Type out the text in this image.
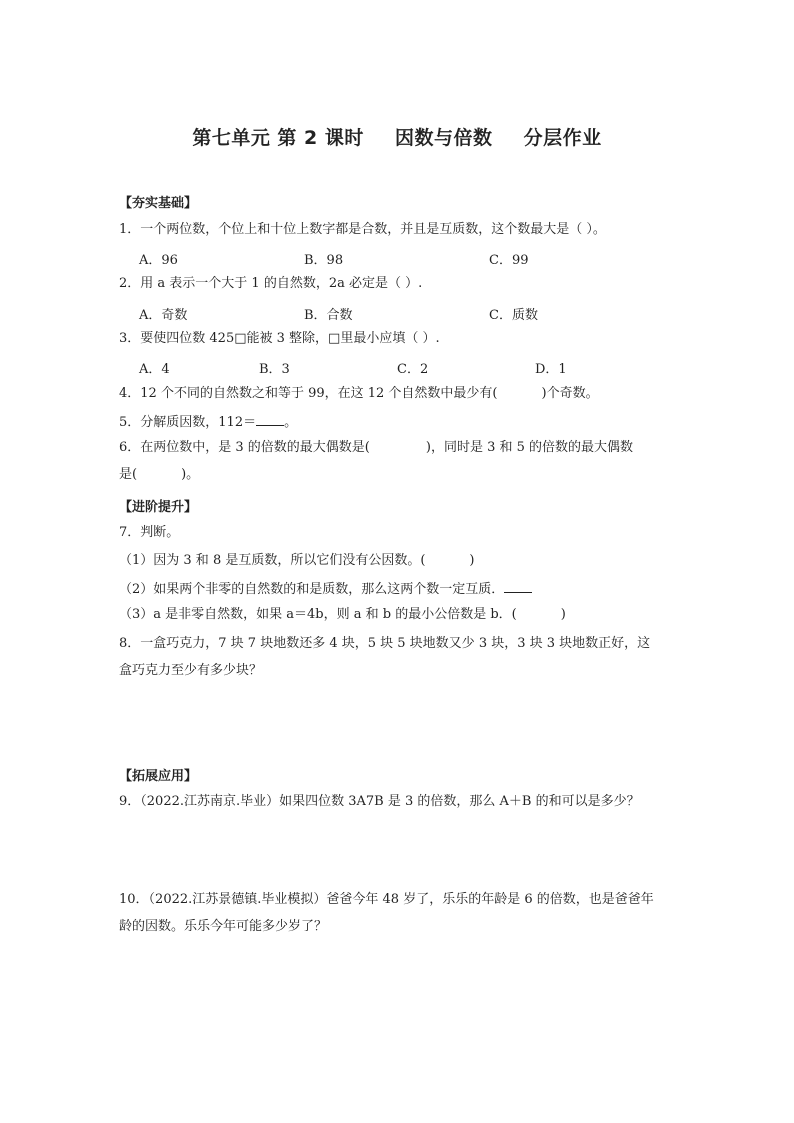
第七单元 第 2 课时 因数与倍数 分层作业
【夯实基础】
1．一个两位数，个位上和十位上数字都是合数，并且是互质数，这个数最大是（ ）。
A．96	B．98	C．99
2．用 a 表示一个大于 1 的自然数，2a 必定是（ ）.
A．奇数	B．合数	C．质数
3．要使四位数 425□能被 3 整除，□里最小应填（ ）.
A．4	B．3	C．2	D．1
4．12 个不同的自然数之和等于 99，在这 12 个自然数中最少有(	)个奇数。
5．分解质因数，112＝ 。
6．在两位数中，是 3 的倍数的最大偶数是(	)，同时是 3 和 5 的倍数的最大偶数
是(	)。
【进阶提升】
7．判断。
（1）因为 3 和 8 是互质数，所以它们没有公因数。(	)
（2）如果两个非零的自然数的和是质数，那么这两个数一定互质．
（3）a 是非零自然数，如果 a＝4b，则 a 和 b 的最小公倍数是 b．(	)
8．一盒巧克力，7 块 7 块地数还多 4 块，5 块 5 块地数又少 3 块，3 块 3 块地数正好，这
盒巧克力至少有多少块？
【拓展应用】
9．（2022.江苏南京.毕业）如果四位数 3A7B 是 3 的倍数，那么 A＋B 的和可以是多少？
10．（2022.江苏景德镇.毕业模拟）爸爸今年 48 岁了，乐乐的年龄是 6 的倍数，也是爸爸年
龄的因数。乐乐今年可能多少岁了？
